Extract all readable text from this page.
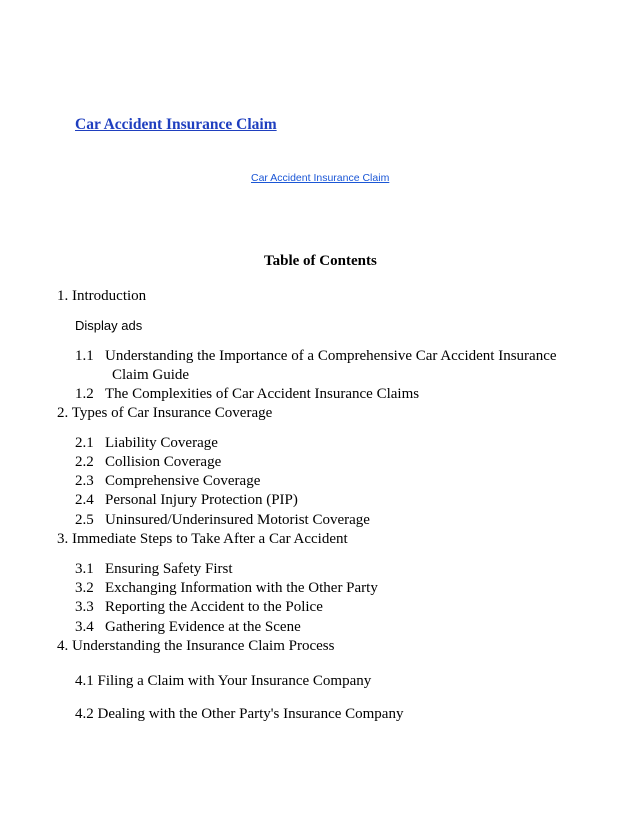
Car Accident Insurance Claim
Car Accident Insurance Claim
Table of Contents
1. Introduction
Display ads
1.1 Understanding the Importance of a Comprehensive Car Accident Insurance
Claim Guide
1.2 The Complexities of Car Accident Insurance Claims
2. Types of Car Insurance Coverage
2.1 Liability Coverage
2.2 Collision Coverage
2.3 Comprehensive Coverage
2.4 Personal Injury Protection (PIP)
2.5 Uninsured/Underinsured Motorist Coverage
3. Immediate Steps to Take After a Car Accident
3.1 Ensuring Safety First
3.2 Exchanging Information with the Other Party
3.3 Reporting the Accident to the Police
3.4 Gathering Evidence at the Scene
4. Understanding the Insurance Claim Process
4.1 Filing a Claim with Your Insurance Company
4.2 Dealing with the Other Party's Insurance Company
